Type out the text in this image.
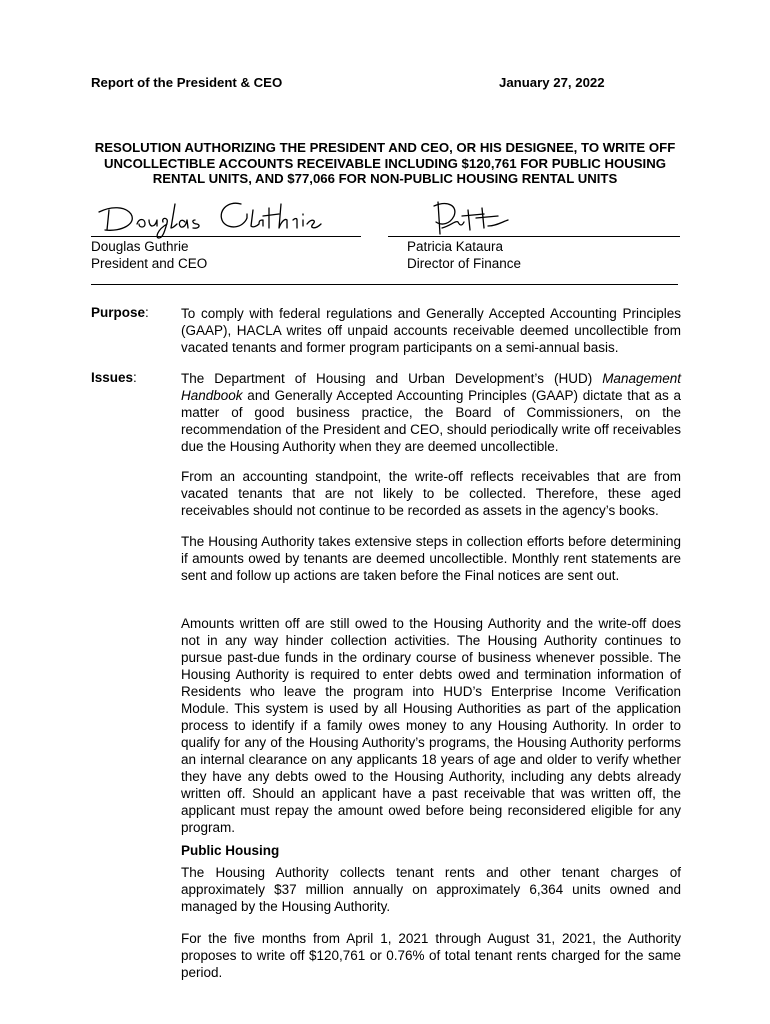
Report of the President & CEO	January 27, 2022
RESOLUTION AUTHORIZING THE PRESIDENT AND CEO, OR HIS DESIGNEE, TO WRITE OFF UNCOLLECTIBLE ACCOUNTS RECEIVABLE INCLUDING $120,761 FOR PUBLIC HOUSING RENTAL UNITS, AND $77,066 FOR NON-PUBLIC HOUSING RENTAL UNITS
Douglas Guthrie
President and CEO
Patricia Kataura
Director of Finance
Purpose: To comply with federal regulations and Generally Accepted Accounting Principles (GAAP), HACLA writes off unpaid accounts receivable deemed uncollectible from vacated tenants and former program participants on a semi-annual basis.
Issues:	The Department of Housing and Urban Development’s (HUD) Management Handbook and Generally Accepted Accounting Principles (GAAP) dictate that as a matter of good business practice, the Board of Commissioners, on the recommendation of the President and CEO, should periodically write off receivables due the Housing Authority when they are deemed uncollectible.
From an accounting standpoint, the write-off reflects receivables that are from vacated tenants that are not likely to be collected. Therefore, these aged receivables should not continue to be recorded as assets in the agency’s books.
The Housing Authority takes extensive steps in collection efforts before determining if amounts owed by tenants are deemed uncollectible. Monthly rent statements are sent and follow up actions are taken before the Final notices are sent out.
Amounts written off are still owed to the Housing Authority and the write-off does not in any way hinder collection activities. The Housing Authority continues to pursue past-due funds in the ordinary course of business whenever possible. The Housing Authority is required to enter debts owed and termination information of Residents who leave the program into HUD’s Enterprise Income Verification Module. This system is used by all Housing Authorities as part of the application process to identify if a family owes money to any Housing Authority. In order to qualify for any of the Housing Authority’s programs, the Housing Authority performs an internal clearance on any applicants 18 years of age and older to verify whether they have any debts owed to the Housing Authority, including any debts already written off. Should an applicant have a past receivable that was written off, the applicant must repay the amount owed before being reconsidered eligible for any program.
Public Housing
The Housing Authority collects tenant rents and other tenant charges of approximately $37 million annually on approximately 6,364 units owned and managed by the Housing Authority.
For the five months from April 1, 2021 through August 31, 2021, the Authority proposes to write off $120,761 or 0.76% of total tenant rents charged for the same period.
